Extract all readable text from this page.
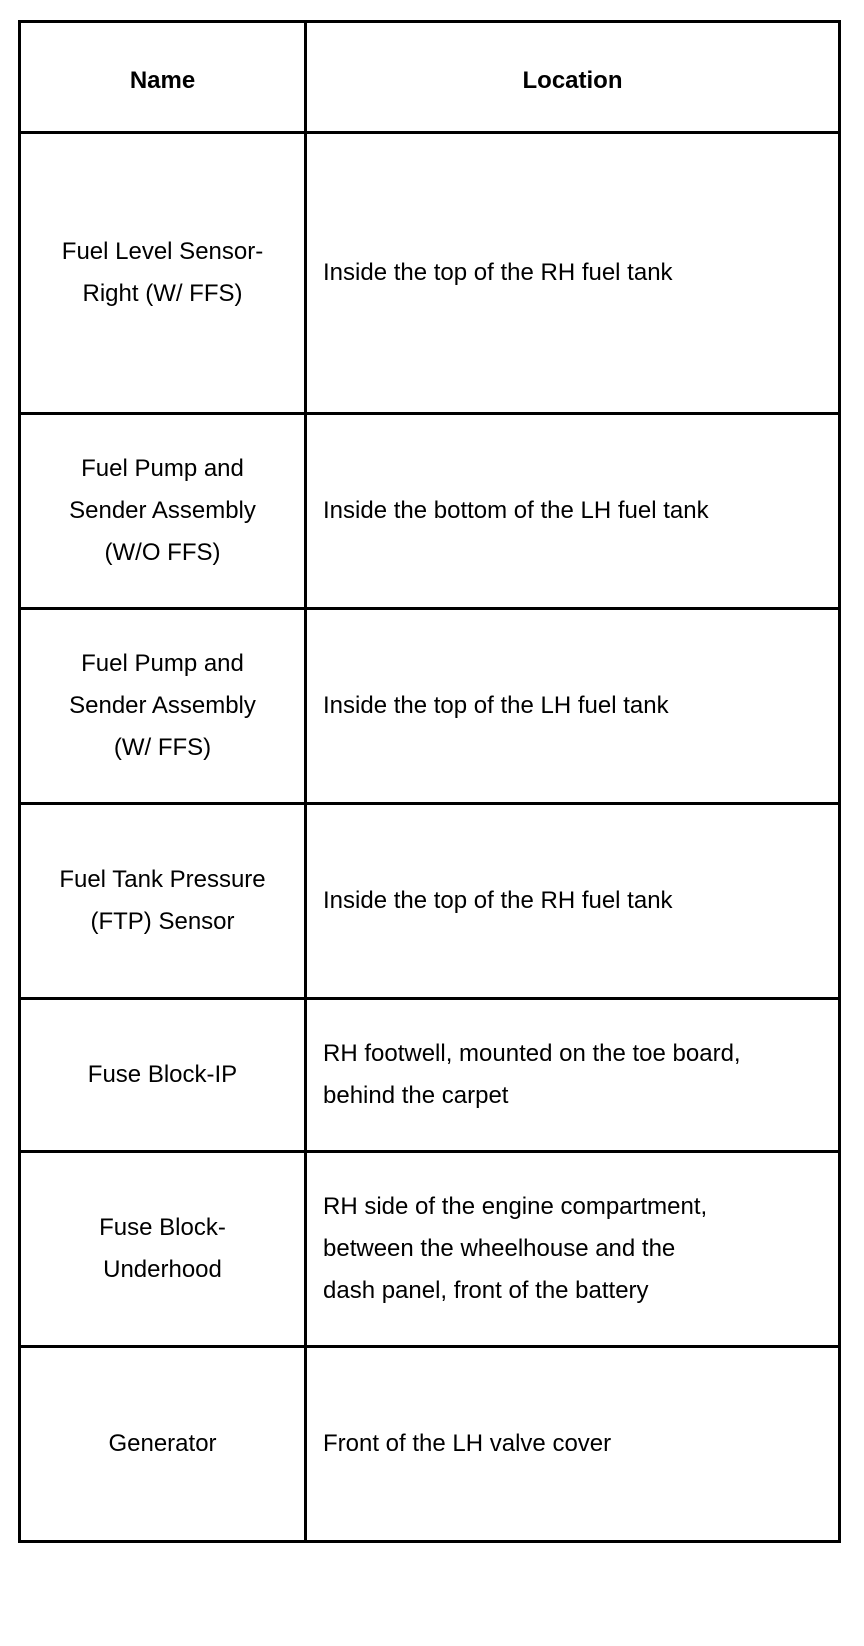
Name	Location
Fuel Level Sensor-Right (W/ FFS)	Inside the top of the RH fuel tank
Fuel Pump and Sender Assembly (W/O FFS)	Inside the bottom of the LH fuel tank
Fuel Pump and Sender Assembly (W/ FFS)	Inside the top of the LH fuel tank
Fuel Tank Pressure (FTP) Sensor	Inside the top of the RH fuel tank
Fuse Block-IP	RH footwell, mounted on the toe board, behind the carpet
Fuse Block-Underhood	RH side of the engine compartment, between the wheelhouse and the dash panel, front of the battery
Generator	Front of the LH valve cover
